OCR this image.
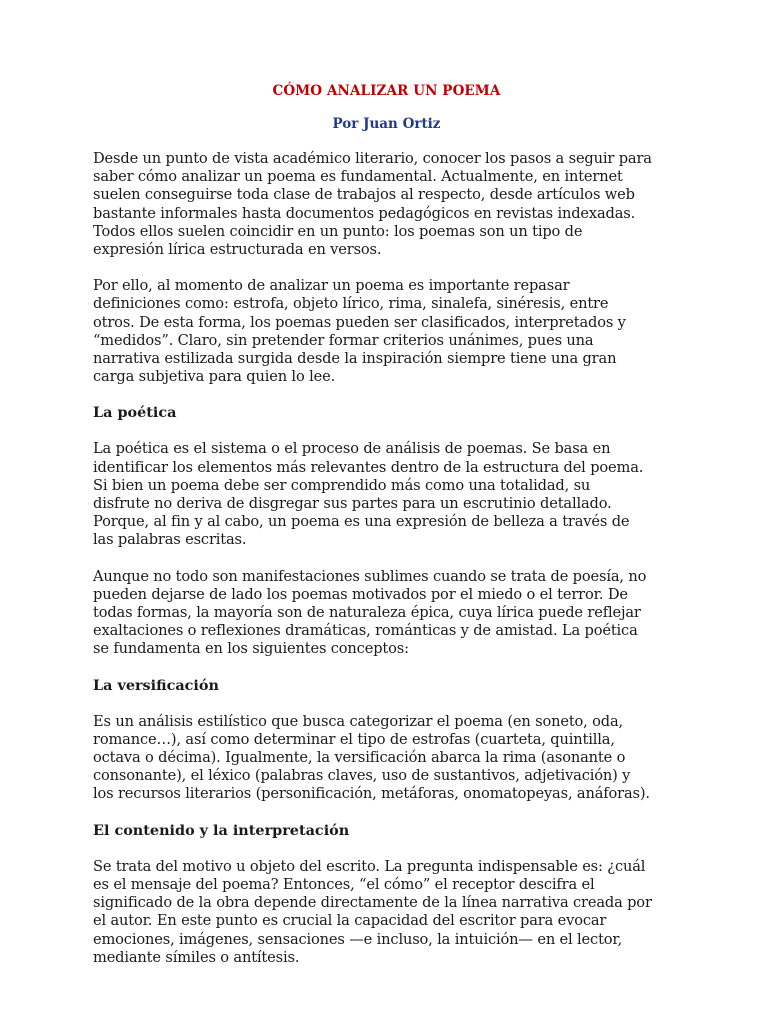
CÓMO ANALIZAR UN POEMA
Por Juan Ortiz
Desde un punto de vista académico literario, conocer los pasos a seguir para
saber cómo analizar un poema es fundamental. Actualmente, en internet
suelen conseguirse toda clase de trabajos al respecto, desde artículos web
bastante informales hasta documentos pedagógicos en revistas indexadas.
Todos ellos suelen coincidir en un punto: los poemas son un tipo de
expresión lírica estructurada en versos.
Por ello, al momento de analizar un poema es importante repasar
definiciones como: estrofa, objeto lírico, rima, sinalefa, sinéresis, entre
otros. De esta forma, los poemas pueden ser clasificados, interpretados y
“medidos”. Claro, sin pretender formar criterios unánimes, pues una
narrativa estilizada surgida desde la inspiración siempre tiene una gran
carga subjetiva para quien lo lee.
La poética
La poética es el sistema o el proceso de análisis de poemas. Se basa en
identificar los elementos más relevantes dentro de la estructura del poema.
Si bien un poema debe ser comprendido más como una totalidad, su
disfrute no deriva de disgregar sus partes para un escrutinio detallado.
Porque, al fin y al cabo, un poema es una expresión de belleza a través de
las palabras escritas.
Aunque no todo son manifestaciones sublimes cuando se trata de poesía, no
pueden dejarse de lado los poemas motivados por el miedo o el terror. De
todas formas, la mayoría son de naturaleza épica, cuya lírica puede reflejar
exaltaciones o reflexiones dramáticas, románticas y de amistad. La poética
se fundamenta en los siguientes conceptos:
La versificación
Es un análisis estilístico que busca categorizar el poema (en soneto, oda,
romance…), así como determinar el tipo de estrofas (cuarteta, quintilla,
octava o décima). Igualmente, la versificación abarca la rima (asonante o
consonante), el léxico (palabras claves, uso de sustantivos, adjetivación) y
los recursos literarios (personificación, metáforas, onomatopeyas, anáforas).
El contenido y la interpretación
Se trata del motivo u objeto del escrito. La pregunta indispensable es: ¿cuál
es el mensaje del poema? Entonces, “el cómo” el receptor descifra el
significado de la obra depende directamente de la línea narrativa creada por
el autor. En este punto es crucial la capacidad del escritor para evocar
emociones, imágenes, sensaciones —e incluso, la intuición— en el lector,
mediante símiles o antítesis.
